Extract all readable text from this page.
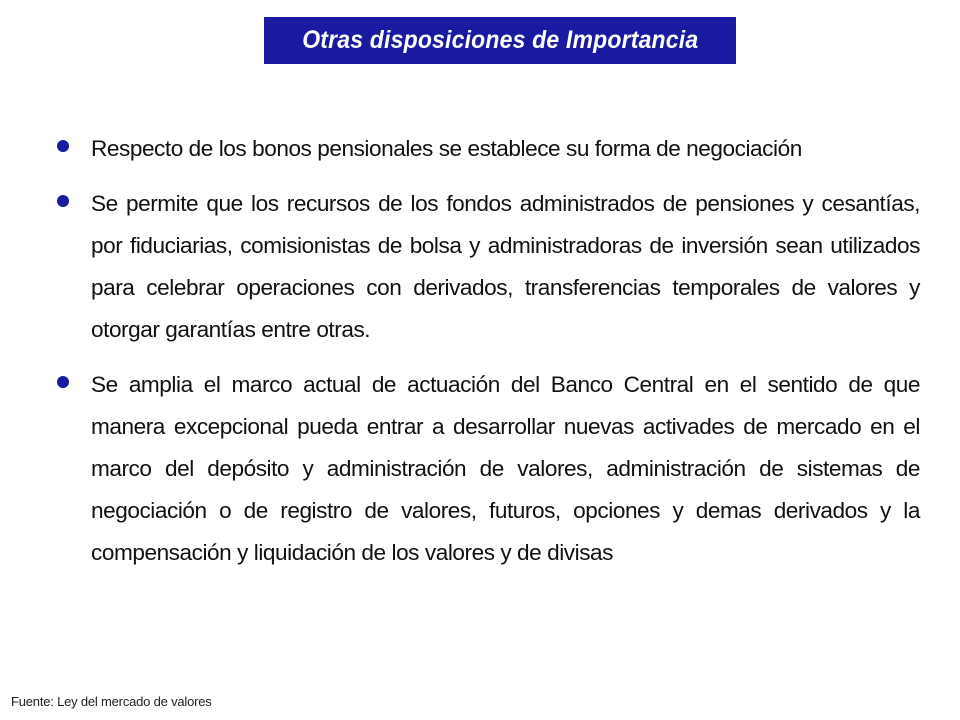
Otras disposiciones de Importancia
Respecto de los bonos pensionales se establece su forma de negociación
Se permite que los recursos de los fondos administrados de pensiones y cesantías, por fiduciarias, comisionistas de bolsa y administradoras de inversión sean utilizados para celebrar operaciones con derivados, transferencias temporales de valores y otorgar garantías entre otras.
Se amplia el marco actual de actuación del Banco Central en el sentido de que manera excepcional pueda entrar a desarrollar nuevas activades de mercado en el marco del depósito y administración de valores, administración de sistemas de negociación o de registro de valores, futuros, opciones y demas derivados y la compensación y liquidación de los valores y de divisas
Fuente: Ley del mercado de valores
